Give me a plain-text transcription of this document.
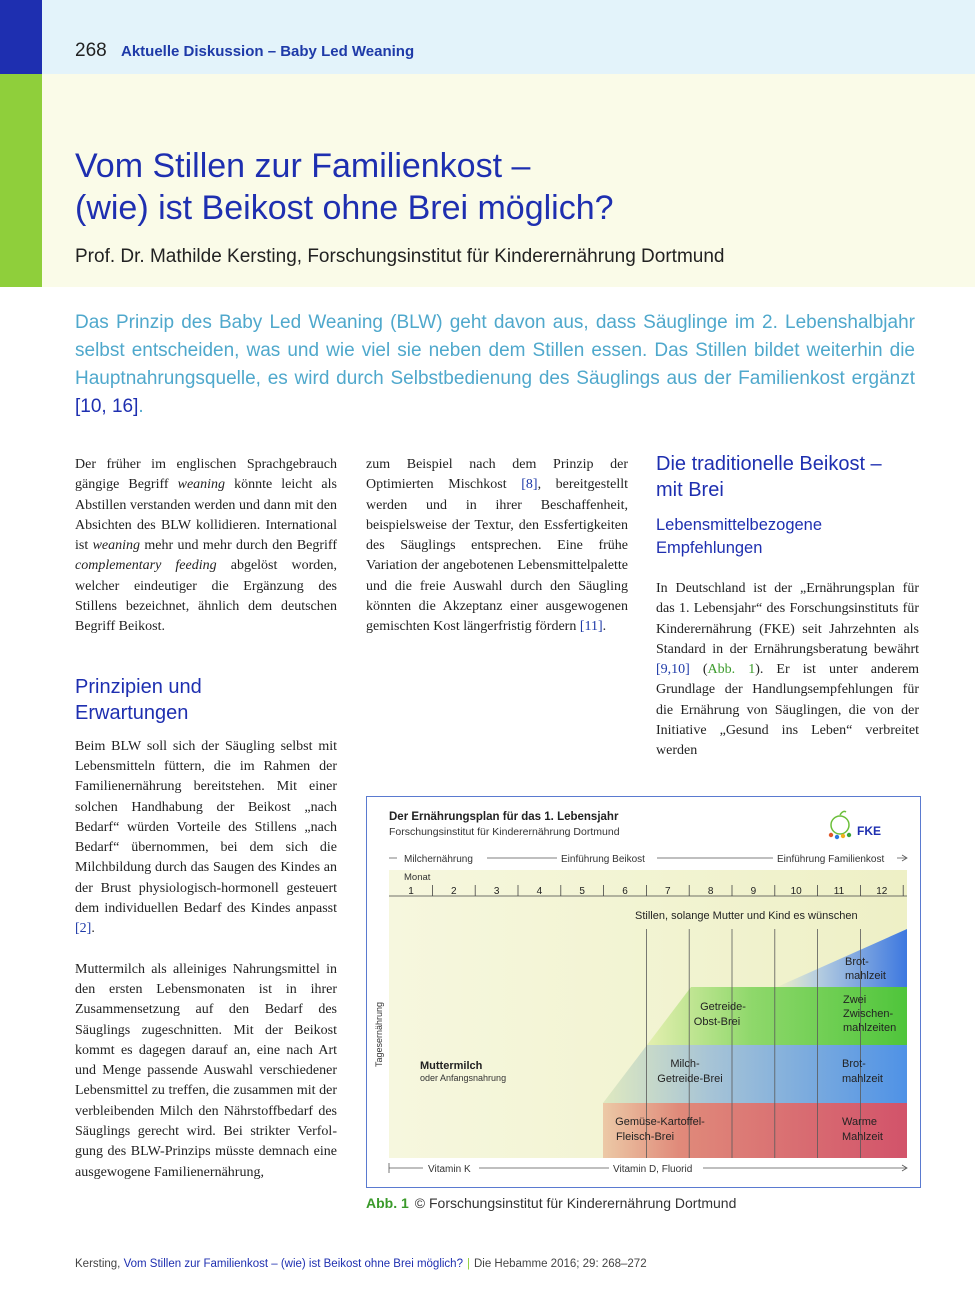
268 Aktuelle Diskussion – Baby Led Weaning
Vom Stillen zur Familienkost –
(wie) ist Beikost ohne Brei möglich?
Prof. Dr. Mathilde Kersting, Forschungsinstitut für Kinderernährung Dortmund
Das Prinzip des Baby Led Weaning (BLW) geht davon aus, dass Säuglinge im 2. Lebenshalbjahr selbst entscheiden, was und wie viel sie neben dem Stillen essen. Das Stillen bildet weiterhin die Hauptnahrungsquelle, es wird durch Selbstbedienung des Säuglings aus der Familienkost ergänzt [10, 16].

Der früher im englischen Sprachgebrauch gängige Begriff weaning könnte leicht als Abstillen verstanden werden und dann mit den Absichten des BLW kollidieren. International ist weaning mehr und mehr durch den Begriff complementary feeding abgelöst worden, welcher eindeutiger die Ergänzung des Stillens bezeichnet, ähnlich dem deutschen Begriff Beikost.

Prinzipien und
Erwartungen

Beim BLW soll sich der Säugling selbst mit Lebensmitteln füttern, die im Rahmen der Familienernährung bereitstehen. Mit einer solchen Handhabung der Beikost „nach Bedarf“ würden Vorteile des Stillens „nach Bedarf“ übernommen, bei dem sich die Milchbildung durch das Saugen des Kindes an der Brust physiologisch-hormonell gesteuert dem individuellen Bedarf des Kindes anpasst [2].

Muttermilch als alleiniges Nahrungsmittel in den ersten Lebensmonaten ist in ihrer Zusammensetzung auf den Bedarf des Säuglings zugeschnitten. Mit der Beikost kommt es dagegen darauf an, eine nach Art und Menge passende Auswahl verschiedener Lebensmittel zu treffen, die zusammen mit der verbleibenden Milch den Nährstoffbedarf des Säuglings gerecht wird. Bei strikter Verfolgung des BLW-Prinzips müsste demnach eine ausgewogene Familienernährung,

zum Beispiel nach dem Prinzip der Optimierten Mischkost [8], bereitgestellt werden und in ihrer Beschaffenheit, beispielsweise der Textur, den Essfertigkeiten des Säuglings entsprechen. Eine frühe Variation der angebotenen Lebensmittelpalette und die freie Auswahl durch den Säugling könnten die Akzeptanz einer ausgewogenen gemischten Kost längerfristig fördern [11].

Die traditionelle Beikost –
mit Brei
Lebensmittelbezogene
Empfehlungen

In Deutschland ist der „Ernährungsplan für das 1. Lebensjahr“ des Forschungsinstituts für Kinderernährung (FKE) seit Jahrzehnten als Standard in der Ernährungsberatung bewährt [9,10] (Abb. 1). Er ist unter anderem Grundlage der Handlungsempfehlungen für die Ernährung von Säuglingen, die von der Initiative „Gesund ins Leben“ verbreitet werden

Der Ernährungsplan für das 1. Lebensjahr
Forschungsinstitut für Kinderernährung Dortmund	FKE
Milchernährung	Einführung Beikost	Einführung Familienkost
Monat
1	2	3	4	5	6	7	8	9	10	11	12
Stillen, solange Mutter und Kind es wünschen
Tagesernährung	Muttermilch
oder Anfangsnahrung
Gemüse-Kartoffel-
Fleisch-Brei
Milch-
Getreide-Brei
Getreide-
Obst-Brei
Warme
Mahlzeit
Brot-
mahlzeit
Zwei
Zwischen-
mahlzeiten
Brot-
mahlzeit
Vitamin K	Vitamin D, Fluorid
Abb. 1 © Forschungsinstitut für Kinderernährung Dortmund
Kersting, Vom Stillen zur Familienkost – (wie) ist Beikost ohne Brei möglich? | Die Hebamme 2016; 29: 268–272
